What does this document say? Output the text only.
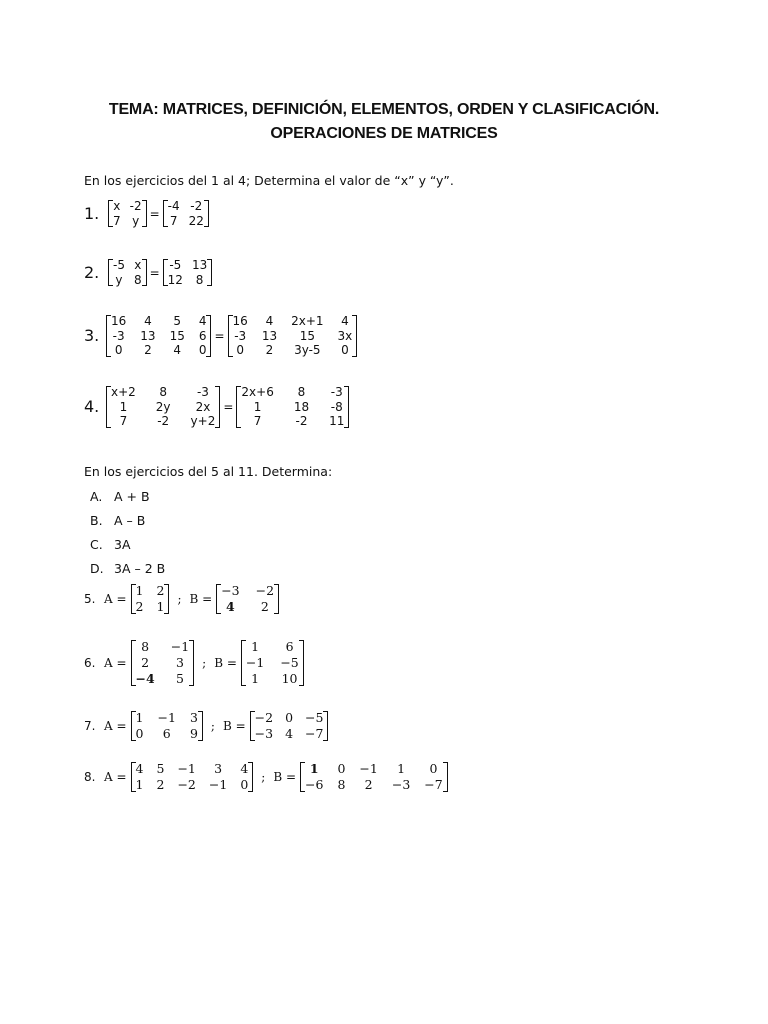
TEMA: MATRICES, DEFINICIÓN, ELEMENTOS, ORDEN Y CLASIFICACIÓN.
OPERACIONES DE MATRICES
En los ejercicios del 1 al 4; Determina el valor de “x” y “y”.
1.	x -2
7 y =
-4 -2
7 22
2.	-5 x
y 8 =
-5 13
12	8
3.
16	4	5	4
-3 13 15 6
0	2	4	0
=
16	4	2x+1 4
-3 13	15	3x
0	2	3y-5 0
4.
x+2 8	-3
1	2y	2x
7	-2 y+2
=
2x+6	8	-3
1	18 -8
7	-2 11
En los ejercicios del 5 al 11. Determina:
A. A + B
B. A – B
C. 3A
D. 3A – 2 B
5. A =
1 2
2 1 ; B =
−3 −2
4	2
6. A =
8	−1
2	3
−4	5
; B =
1	6
−1 −5
1	10
7. A =
1 −1 3
0	6	9 ; B =
−2 0 −5
−3 4 −7
8. A =
4 5 −1	3	4
1 2 −2 −1 0 ; B =
1	0 −1	1	0
−6 8	2	−3 −7
